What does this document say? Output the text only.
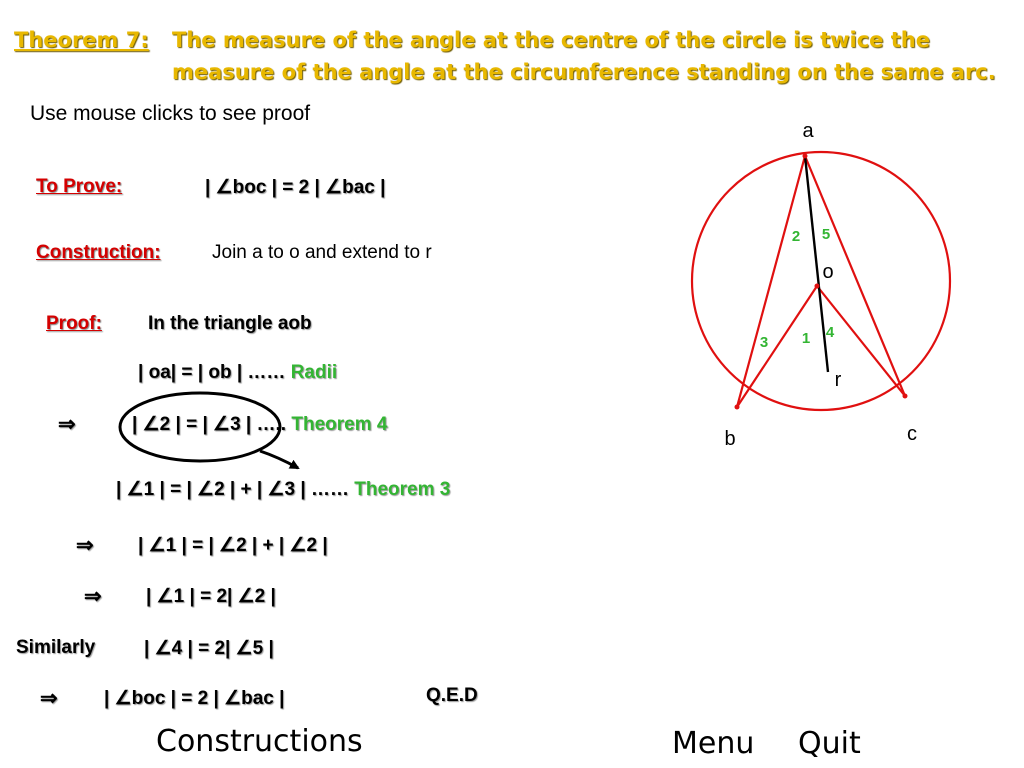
Theorem 7: The measure of the angle at the centre of the circle is twice the
measure of the angle at the circumference standing on the same arc.
Use mouse clicks to see proof
To Prove:	| ∠boc | = 2 | ∠bac |
Construction:	Join a to o and extend to r
Proof: In the triangle aob
| oa| = | ob | …… Radii
⇒	| ∠2 | = | ∠3 | ….. Theorem 4
| ∠1 | = | ∠2 | + | ∠3 | …… Theorem 3
⇒ | ∠1 | = | ∠2 | + | ∠2 |
⇒ | ∠1 | = 2| ∠2 |
Similarly	| ∠4 | = 2| ∠5 |
⇒ | ∠boc | = 2 | ∠bac |	Q.E.D
a
b	c
o
r
2 5
1 4
3
Constructions	Menu Quit
